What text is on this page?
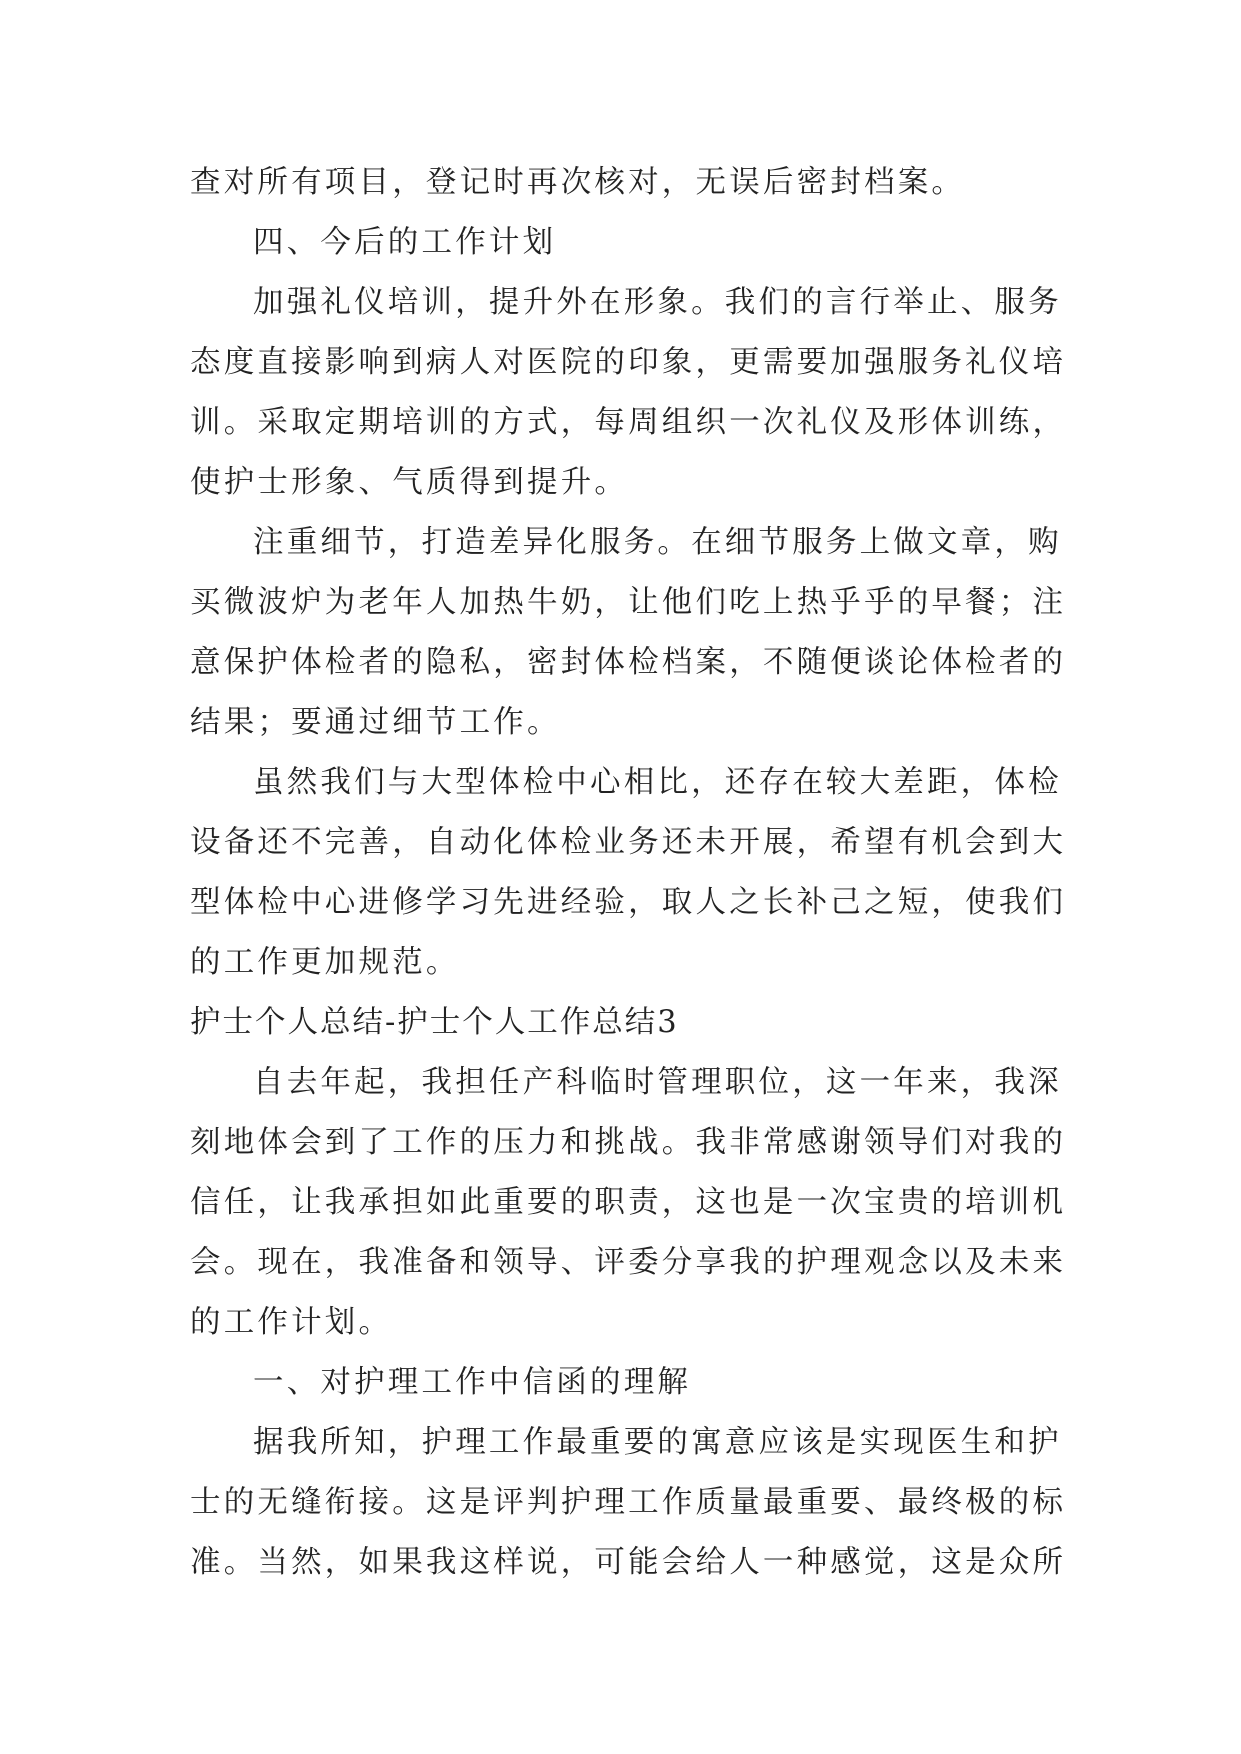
查对所有项目，登记时再次核对，无误后密封档案。

四、今后的工作计划

加强礼仪培训，提升外在形象。我们的言行举止、服务

态度直接影响到病人对医院的印象，更需要加强服务礼仪培

训。采取定期培训的方式，每周组织一次礼仪及形体训练，

使护士形象、气质得到提升。

注重细节，打造差异化服务。在细节服务上做文章，购

买微波炉为老年人加热牛奶，让他们吃上热乎乎的早餐；注

意保护体检者的隐私，密封体检档案，不随便谈论体检者的

结果；要通过细节工作。

虽然我们与大型体检中心相比，还存在较大差距，体检

设备还不完善，自动化体检业务还未开展，希望有机会到大

型体检中心进修学习先进经验，取人之长补己之短，使我们

的工作更加规范。

护士个人总结-护士个人工作总结3

自去年起，我担任产科临时管理职位，这一年来，我深

刻地体会到了工作的压力和挑战。我非常感谢领导们对我的

信任，让我承担如此重要的职责，这也是一次宝贵的培训机

会。现在，我准备和领导、评委分享我的护理观念以及未来

的工作计划。

一、对护理工作中信函的理解

据我所知，护理工作最重要的寓意应该是实现医生和护

士的无缝衔接。这是评判护理工作质量最重要、最终极的标

准。当然，如果我这样说，可能会给人一种感觉，这是众所
